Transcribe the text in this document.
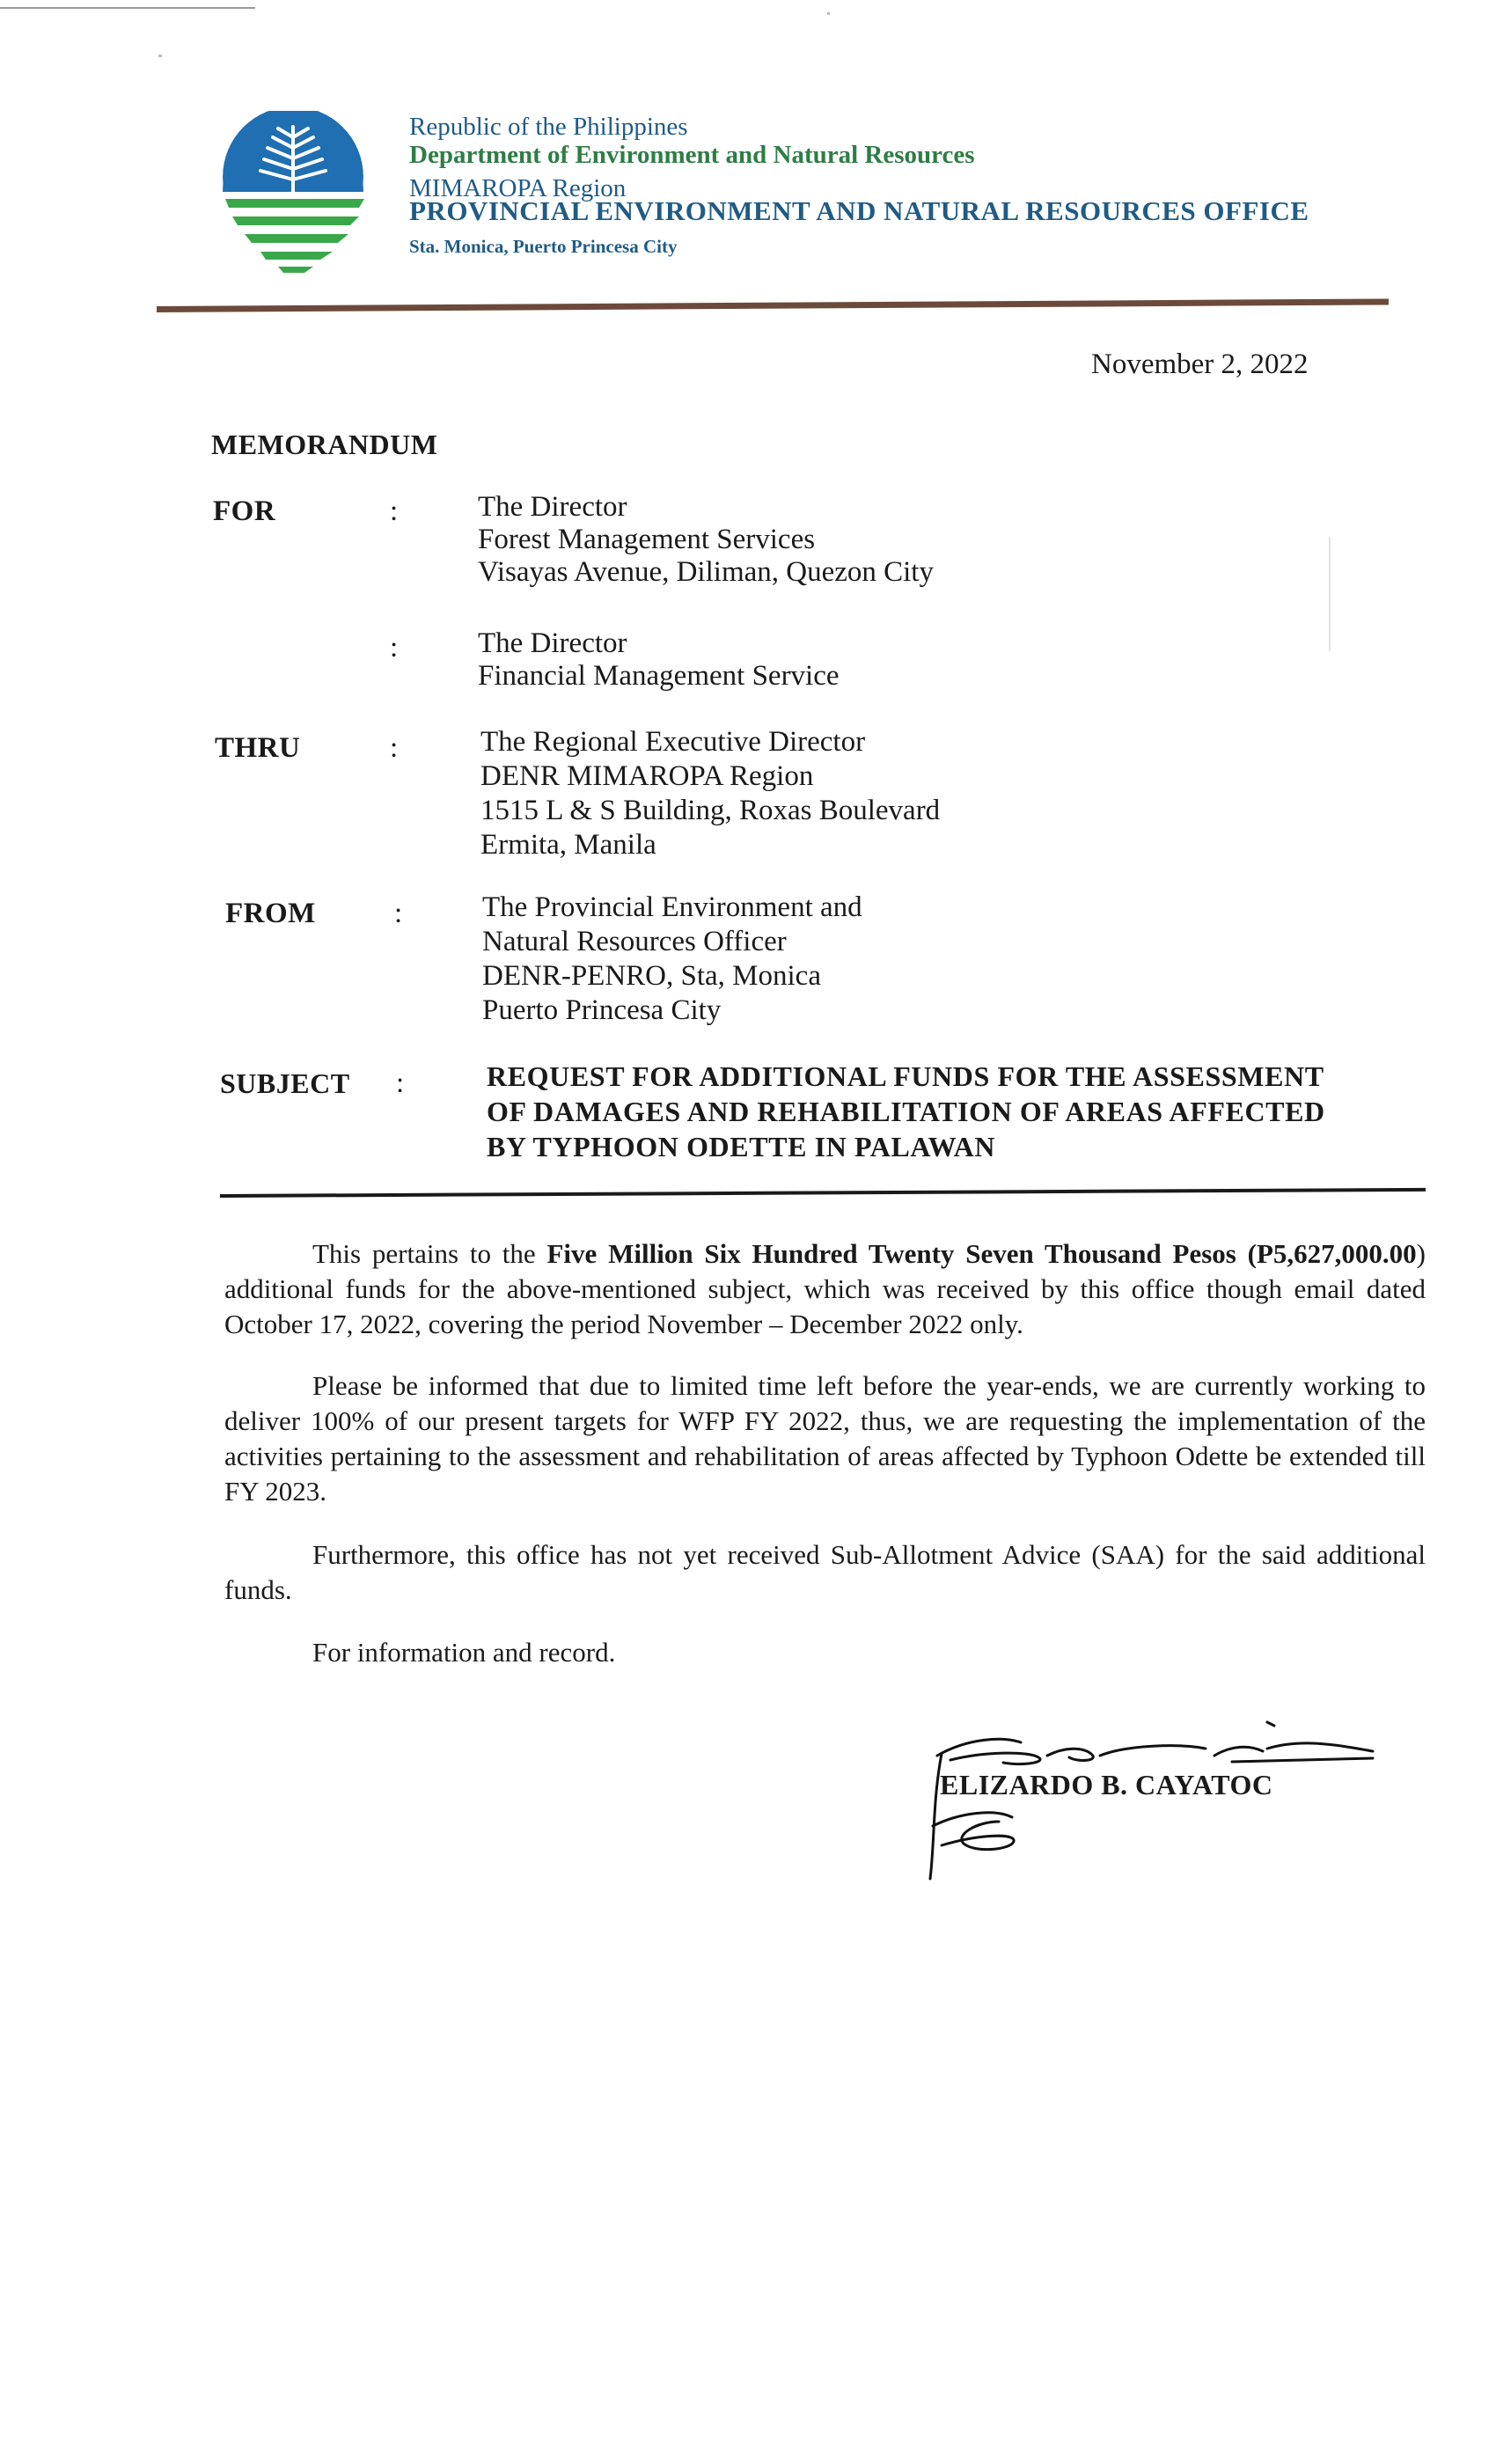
Republic of the Philippines
Department of Environment and Natural Resources
MIMAROPA Region
PROVINCIAL ENVIRONMENT AND NATURAL RESOURCES OFFICE
Sta. Monica, Puerto Princesa City
November 2, 2022
MEMORANDUM
FOR	:	The Director
Forest Management Services
Visayas Avenue, Diliman, Quezon City
:	The Director
Financial Management Service
THRU	:	The Regional Executive Director
DENR MIMAROPA Region
1515 L & S Building, Roxas Boulevard
Ermita, Manila
FROM	:	The Provincial Environment and
Natural Resources Officer
DENR-PENRO, Sta, Monica
Puerto Princesa City
SUBJECT :	REQUEST FOR ADDITIONAL FUNDS FOR THE ASSESSMENT
OF DAMAGES AND REHABILITATION OF AREAS AFFECTED
BY TYPHOON ODETTE IN PALAWAN
This pertains to the Five Million Six Hundred Twenty Seven Thousand Pesos (P5,627,000.00) additional funds for the above-mentioned subject, which was received by this office though email dated October 17, 2022, covering the period November – December 2022 only.
Please be informed that due to limited time left before the year-ends, we are currently working to deliver 100% of our present targets for WFP FY 2022, thus, we are requesting the implementation of the activities pertaining to the assessment and rehabilitation of areas affected by Typhoon Odette be extended till FY 2023.
Furthermore, this office has not yet received Sub-Allotment Advice (SAA) for the said additional funds.
For information and record.
ELIZARDO B. CAYATOC
